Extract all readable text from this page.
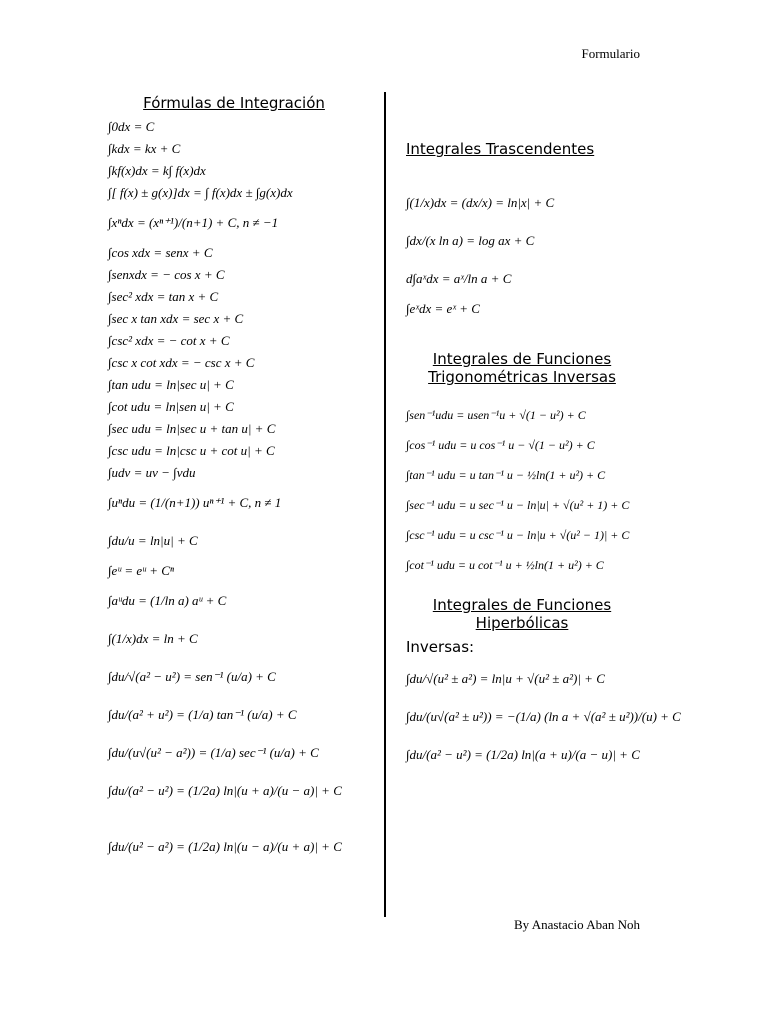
Formulario
Fórmulas de Integración
∫0dx = C
∫kdx = kx + C
∫kf(x)dx = k∫ f(x)dx
∫[ f(x) ± g(x)]dx = ∫ f(x)dx ± ∫g(x)dx
∫xⁿdx = (xⁿ⁺¹)/(n+1) + C, n ≠ −1
∫cos xdx = senx + C
∫senxdx = − cos x + C
∫sec² xdx = tan x + C
∫sec x tan xdx = sec x + C
∫csc² xdx = − cot x + C
∫csc x cot xdx = − csc x + C
∫tan udu = ln|sec u| + C
∫cot udu = ln|sen u| + C
∫sec udu = ln|sec u + tan u| + C
∫csc udu = ln|csc u + cot u| + C
∫udv = uv − ∫vdu
∫uⁿdu = (1/(n+1)) uⁿ⁺¹ + C, n ≠ 1
∫du/u = ln|u| + C
∫eᵘ = eᵘ + Cⁿ
∫aᵘdu = (1/ln a) aᵘ + C
∫(1/x)dx = ln + C
∫du/√(a² − u²) = sen⁻¹ (u/a) + C
∫du/(a² + u²) = (1/a) tan⁻¹ (u/a) + C
∫du/(u√(u² − a²)) = (1/a) sec⁻¹ (u/a) + C
∫du/(a² − u²) = (1/2a) ln|(u + a)/(u − a)| + C
∫du/(u² − a²) = (1/2a) ln|(u − a)/(u + a)| + C
Integrales Trascendentes
∫(1/x)dx = (dx/x) = ln|x| + C
∫dx/(x ln a) = log ax + C
d∫aˣdx = aˣ/ln a + C
∫eˣdx = eˣ + C
Integrales de Funciones
Trigonométricas Inversas
∫sen⁻¹udu = usen⁻¹u + √(1 − u²) + C
∫cos⁻¹ udu = u cos⁻¹ u − √(1 − u²) + C
∫tan⁻¹ udu = u tan⁻¹ u − ½ln(1 + u²) + C
∫sec⁻¹ udu = u sec⁻¹ u − ln|u| + √(u² + 1) + C
∫csc⁻¹ udu = u csc⁻¹ u − ln|u + √(u² − 1)| + C
∫cot⁻¹ udu = u cot⁻¹ u + ½ln(1 + u²) + C
Integrales de Funciones
Hiperbólicas
Inversas:
∫du/√(u² ± a²) = ln|u + √(u² ± a²)| + C
∫du/(u√(a² ± u²)) = −(1/a) (ln a + √(a² ± u²))/(u) + C
∫du/(a² − u²) = (1/2a) ln|(a + u)/(a − u)| + C
By Anastacio Aban Noh
